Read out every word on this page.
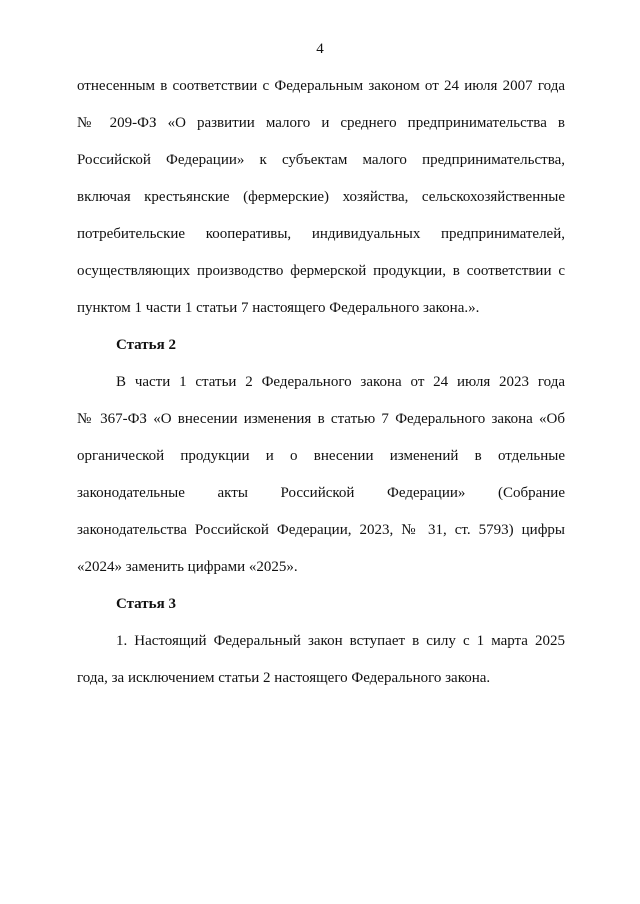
4
отнесенным в соответствии с Федеральным законом от 24 июля 2007 года
№ 209-ФЗ «О развитии малого и среднего предпринимательства в
Российской Федерации» к субъектам малого предпринимательства,
включая крестьянские (фермерские) хозяйства, сельскохозяйственные
потребительские кооперативы, индивидуальных предпринимателей,
осуществляющих производство фермерской продукции, в соответствии с
пунктом 1 части 1 статьи 7 настоящего Федерального закона.».
Статья 2
В части 1 статьи 2 Федерального закона от 24 июля 2023 года
№ 367-ФЗ «О внесении изменения в статью 7 Федерального закона «Об
органической продукции и о внесении изменений в отдельные
законодательные акты Российской Федерации» (Собрание
законодательства Российской Федерации, 2023, № 31, ст. 5793) цифры
«2024» заменить цифрами «2025».
Статья 3
1. Настоящий Федеральный закон вступает в силу с 1 марта 2025
года, за исключением статьи 2 настоящего Федерального закона.
